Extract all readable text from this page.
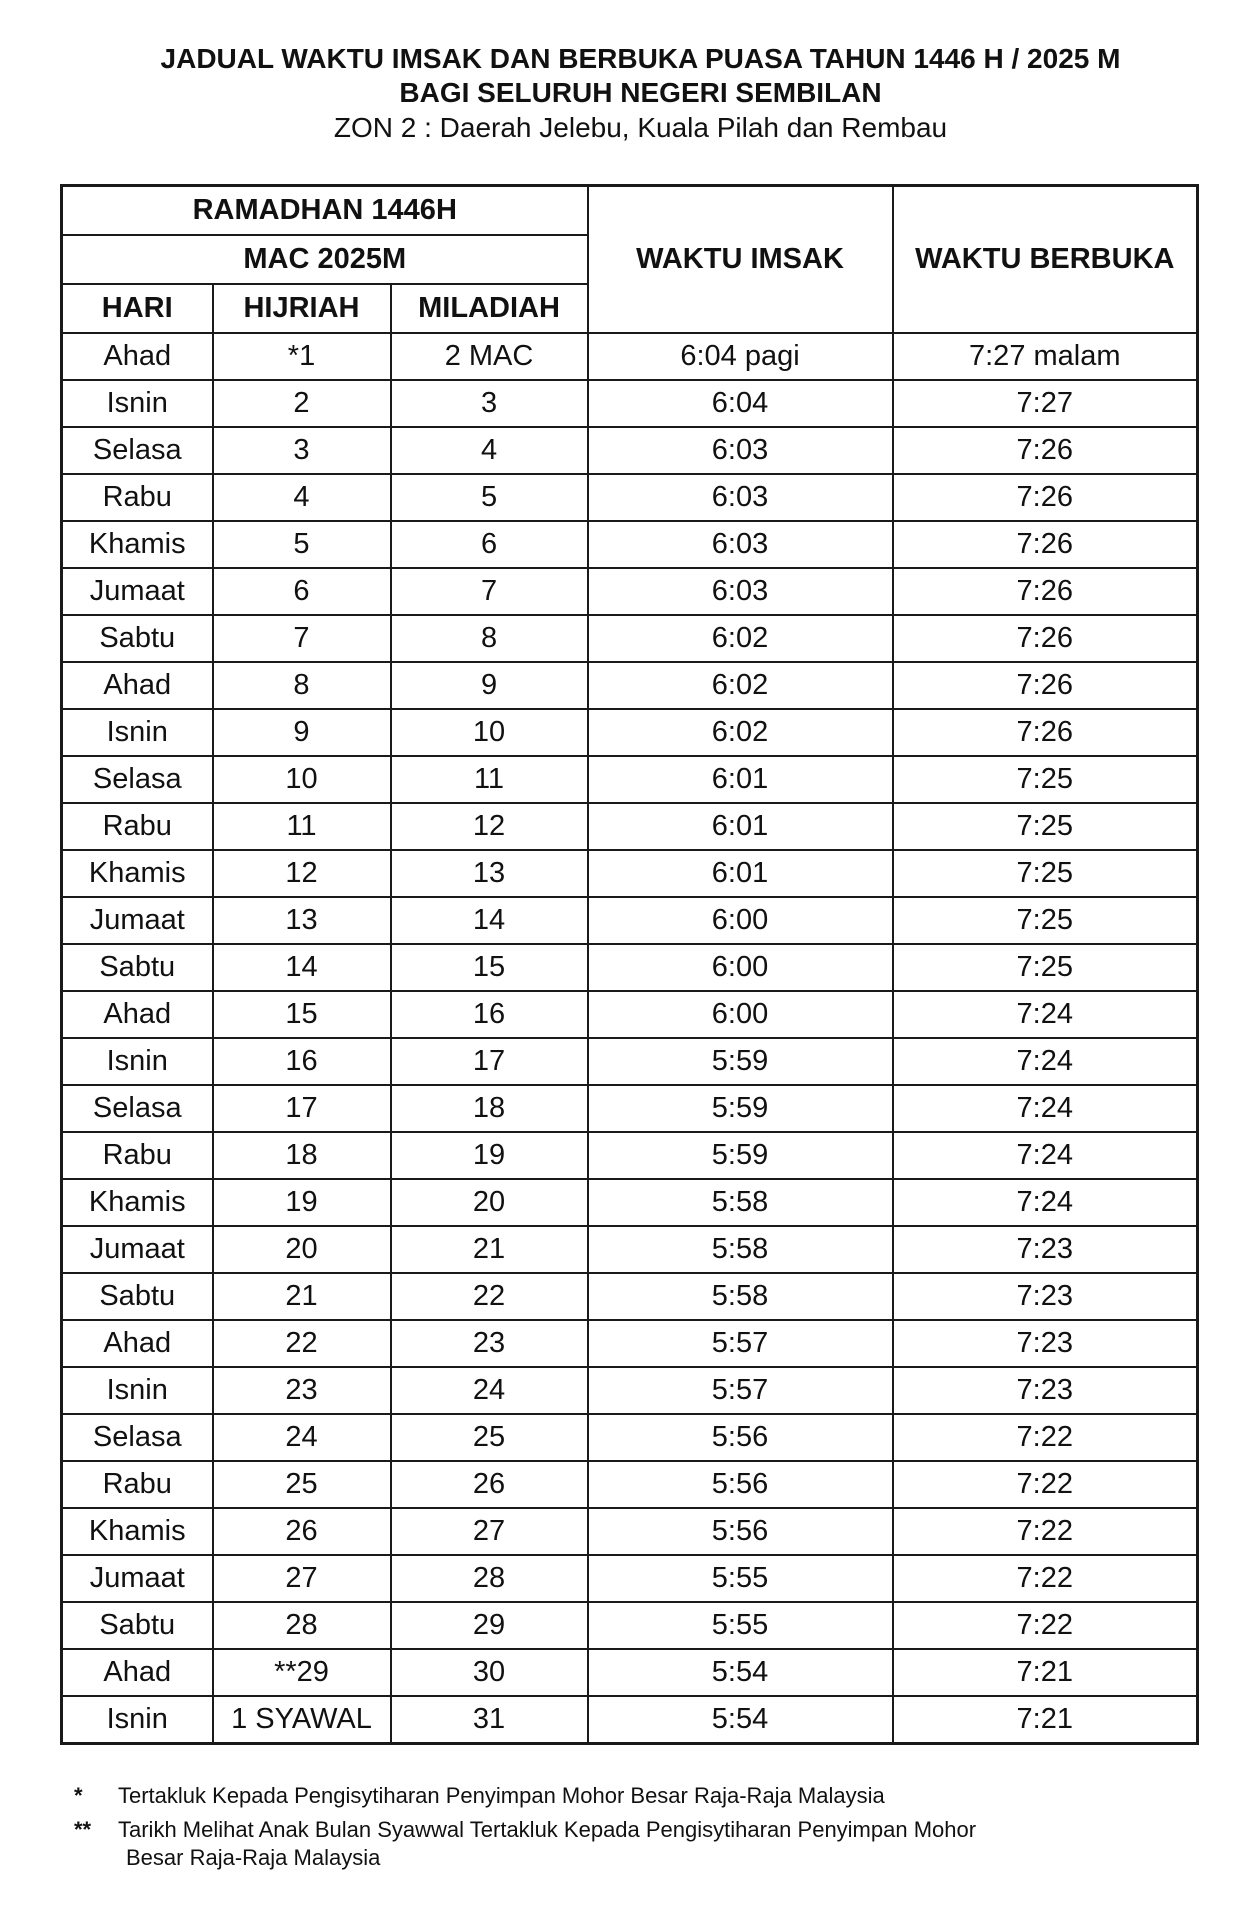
JADUAL WAKTU IMSAK DAN BERBUKA PUASA TAHUN 1446 H / 2025 M
BAGI SELURUH NEGERI SEMBILAN
ZON 2 : Daerah Jelebu, Kuala Pilah dan Rembau
RAMADHAN 1446H			WAKTU IMSAK	WAKTU BERBUKA
MAC 2025M				
HARI	HIJRIAH	MILADIAH		
Ahad	*1	2 MAC	6:04 pagi	7:27 malam
Isnin	2	3	6:04	7:27
Selasa	3	4	6:03	7:26
Rabu	4	5	6:03	7:26
Khamis	5	6	6:03	7:26
Jumaat	6	7	6:03	7:26
Sabtu	7	8	6:02	7:26
Ahad	8	9	6:02	7:26
Isnin	9	10	6:02	7:26
Selasa	10	11	6:01	7:25
Rabu	11	12	6:01	7:25
Khamis	12	13	6:01	7:25
Jumaat	13	14	6:00	7:25
Sabtu	14	15	6:00	7:25
Ahad	15	16	6:00	7:24
Isnin	16	17	5:59	7:24
Selasa	17	18	5:59	7:24
Rabu	18	19	5:59	7:24
Khamis	19	20	5:58	7:24
Jumaat	20	21	5:58	7:23
Sabtu	21	22	5:58	7:23
Ahad	22	23	5:57	7:23
Isnin	23	24	5:57	7:23
Selasa	24	25	5:56	7:22
Rabu	25	26	5:56	7:22
Khamis	26	27	5:56	7:22
Jumaat	27	28	5:55	7:22
Sabtu	28	29	5:55	7:22
Ahad	**29	30	5:54	7:21
Isnin	1 SYAWAL	31	5:54	7:21
*	Tertakluk Kepada Pengisytiharan Penyimpan Mohor Besar Raja-Raja Malaysia
**	Tarikh Melihat Anak Bulan Syawwal Tertakluk Kepada Pengisytiharan Penyimpan Mohor
Besar Raja-Raja Malaysia
